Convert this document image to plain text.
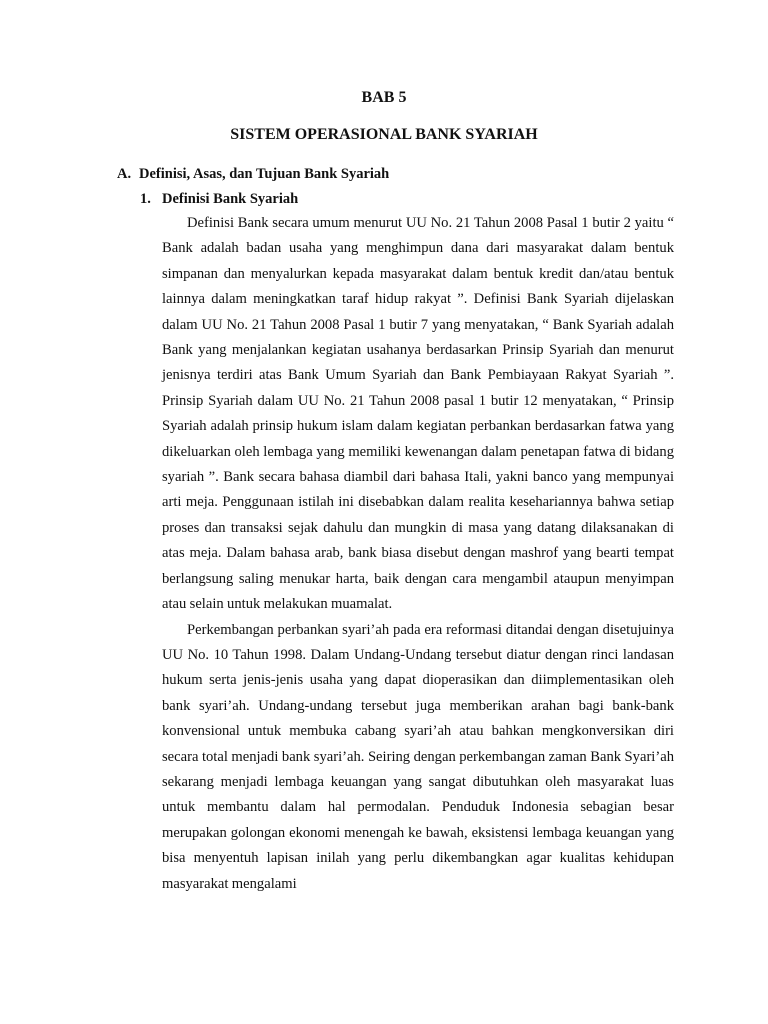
BAB 5
SISTEM OPERASIONAL BANK SYARIAH
A. Definisi, Asas, dan Tujuan Bank Syariah
1. Definisi Bank Syariah

Definisi Bank secara umum menurut UU No. 21 Tahun 2008 Pasal 1 butir 2 yaitu “ Bank adalah badan usaha yang menghimpun dana dari masyarakat dalam bentuk simpanan dan menyalurkan kepada masyarakat dalam bentuk kredit dan/atau bentuk lainnya dalam meningkatkan taraf hidup rakyat ”. Definisi Bank Syariah dijelaskan dalam UU No. 21 Tahun 2008 Pasal 1 butir 7 yang menyatakan, “ Bank Syariah adalah Bank yang menjalankan kegiatan usahanya berdasarkan Prinsip Syariah dan menurut jenisnya terdiri atas Bank Umum Syariah dan Bank Pembiayaan Rakyat Syariah ”. Prinsip Syariah dalam UU No. 21 Tahun 2008 pasal 1 butir 12 menyatakan, “ Prinsip Syariah adalah prinsip hukum islam dalam kegiatan perbankan berdasarkan fatwa yang dikeluarkan oleh lembaga yang memiliki kewenangan dalam penetapan fatwa di bidang syariah ”. Bank secara bahasa diambil dari bahasa Itali, yakni banco yang mempunyai arti meja. Penggunaan istilah ini disebabkan dalam realita kesehariannya bahwa setiap proses dan transaksi sejak dahulu dan mungkin di masa yang datang dilaksanakan di atas meja. Dalam bahasa arab, bank biasa disebut dengan mashrof yang bearti tempat berlangsung saling menukar harta, baik dengan cara mengambil ataupun menyimpan atau selain untuk melakukan muamalat.

Perkembangan perbankan syari’ah pada era reformasi ditandai dengan disetujuinya UU No. 10 Tahun 1998. Dalam Undang-Undang tersebut diatur dengan rinci landasan hukum serta jenis-jenis usaha yang dapat dioperasikan dan diimplementasikan oleh bank syari’ah. Undang-undang tersebut juga memberikan arahan bagi bank-bank konvensional untuk membuka cabang syari’ah atau bahkan mengkonversikan diri secara total menjadi bank syari’ah. Seiring dengan perkembangan zaman Bank Syari’ah sekarang menjadi lembaga keuangan yang sangat dibutuhkan oleh masyarakat luas untuk membantu dalam hal permodalan. Penduduk Indonesia sebagian besar merupakan golongan ekonomi menengah ke bawah, eksistensi lembaga keuangan yang bisa menyentuh lapisan inilah yang perlu dikembangkan agar kualitas kehidupan masyarakat mengalami
